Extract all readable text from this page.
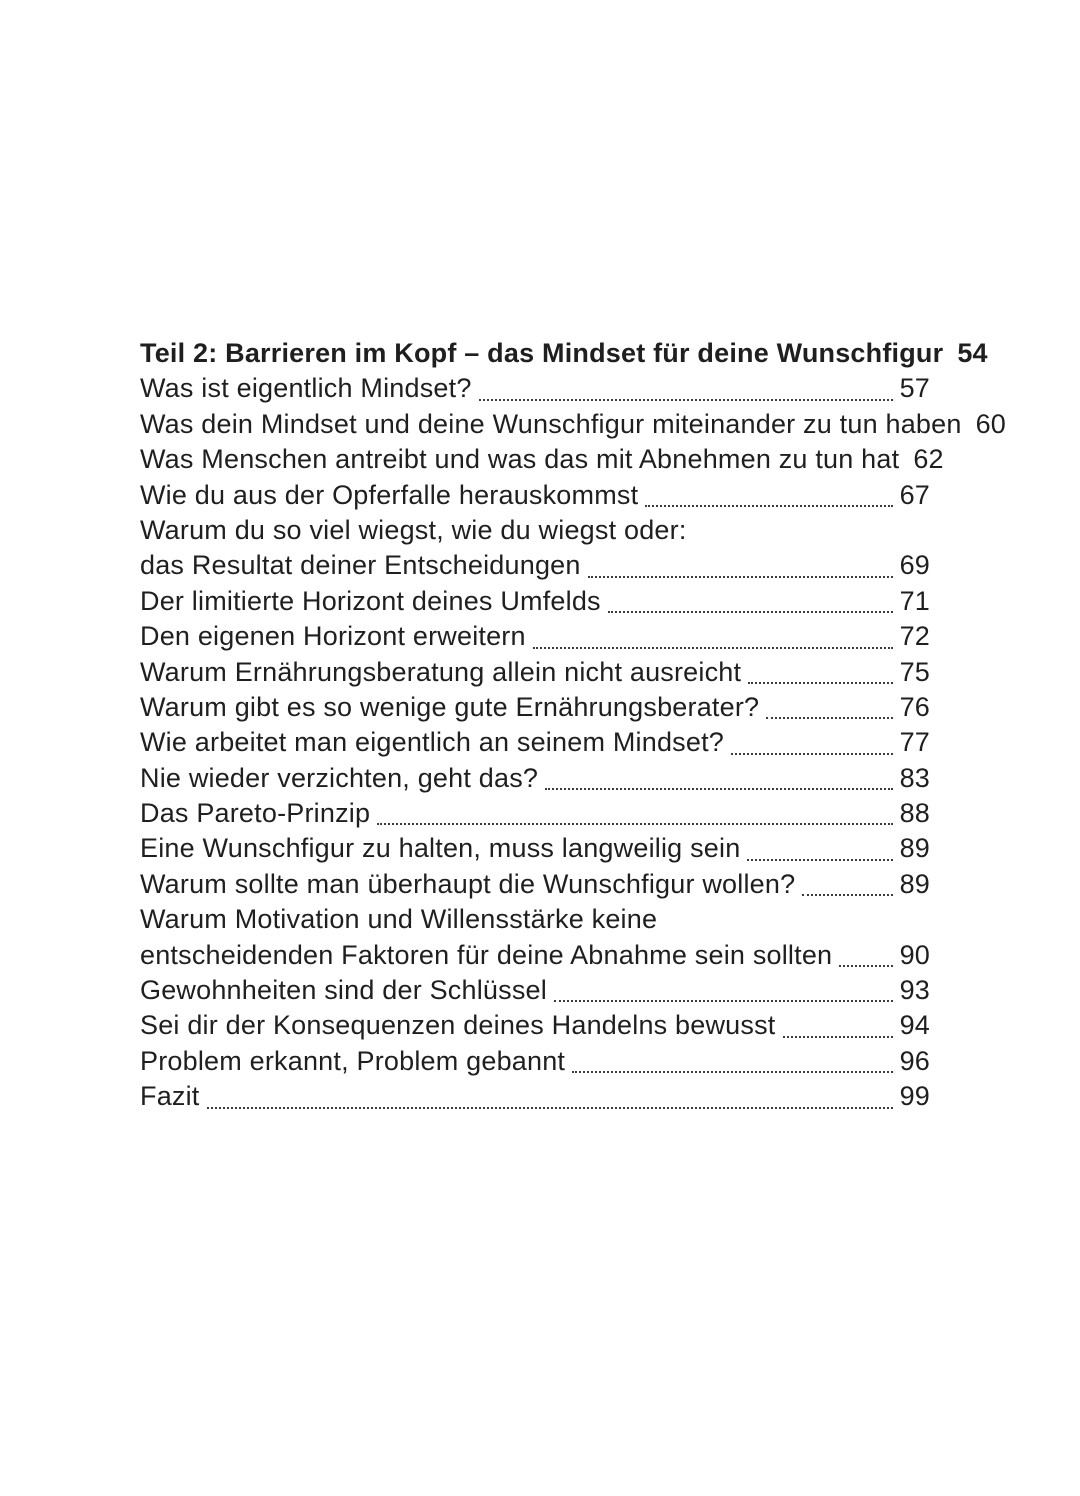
Teil 2: Barrieren im Kopf – das Mindset für deine Wunschfigur 54
Was ist eigentlich Mindset?	57
Was dein Mindset und deine Wunschfigur miteinander zu tun haben 60
Was Menschen antreibt und was das mit Abnehmen zu tun hat 62
Wie du aus der Opferfalle herauskommst	67
Warum du so viel wiegst, wie du wiegst oder:
das Resultat deiner Entscheidungen	69
Der limitierte Horizont deines Umfelds	71
Den eigenen Horizont erweitern	72
Warum Ernährungsberatung allein nicht ausreicht	75
Warum gibt es so wenige gute Ernährungsberater?	76
Wie arbeitet man eigentlich an seinem Mindset?	77
Nie wieder verzichten, geht das?	83
Das Pareto-Prinzip	88
Eine Wunschfigur zu halten, muss langweilig sein	89
Warum sollte man überhaupt die Wunschfigur wollen?	89
Warum Motivation und Willensstärke keine
entscheidenden Faktoren für deine Abnahme sein sollten 90
Gewohnheiten sind der Schlüssel	93
Sei dir der Konsequenzen deines Handelns bewusst	94
Problem erkannt, Problem gebannt	96
Fazit	99
